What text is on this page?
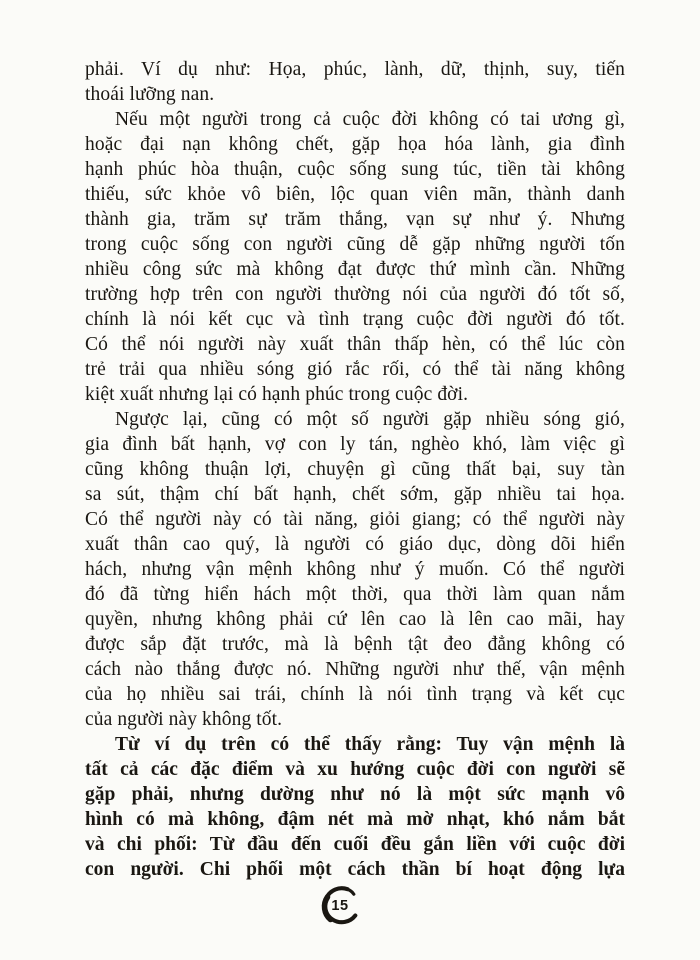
phải. Ví dụ như: Họa, phúc, lành, dữ, thịnh, suy, tiến
thoái lưỡng nan.
Nếu một người trong cả cuộc đời không có tai ương gì,
hoặc đại nạn không chết, gặp họa hóa lành, gia đình
hạnh phúc hòa thuận, cuộc sống sung túc, tiền tài không
thiếu, sức khỏe vô biên, lộc quan viên mãn, thành danh
thành gia, trăm sự trăm thắng, vạn sự như ý. Nhưng
trong cuộc sống con người cũng dễ gặp những người tốn
nhiều công sức mà không đạt được thứ mình cần. Những
trường hợp trên con người thường nói của người đó tốt số,
chính là nói kết cục và tình trạng cuộc đời người đó tốt.
Có thể nói người này xuất thân thấp hèn, có thể lúc còn
trẻ trải qua nhiều sóng gió rắc rối, có thể tài năng không
kiệt xuất nhưng lại có hạnh phúc trong cuộc đời.
Ngược lại, cũng có một số người gặp nhiều sóng gió,
gia đình bất hạnh, vợ con ly tán, nghèo khó, làm việc gì
cũng không thuận lợi, chuyện gì cũng thất bại, suy tàn
sa sút, thậm chí bất hạnh, chết sớm, gặp nhiều tai họa.
Có thể người này có tài năng, giỏi giang; có thể người này
xuất thân cao quý, là người có giáo dục, dòng dõi hiển
hách, nhưng vận mệnh không như ý muốn. Có thể người
đó đã từng hiển hách một thời, qua thời làm quan nắm
quyền, nhưng không phải cứ lên cao là lên cao mãi, hay
được sắp đặt trước, mà là bệnh tật đeo đẳng không có
cách nào thắng được nó. Những người như thế, vận mệnh
của họ nhiều sai trái, chính là nói tình trạng và kết cục
của người này không tốt.
Từ ví dụ trên có thể thấy rằng: Tuy vận mệnh là
tất cả các đặc điểm và xu hướng cuộc đời con người sẽ
gặp phải, nhưng dường như nó là một sức mạnh vô
hình có mà không, đậm nét mà mờ nhạt, khó nắm bắt
và chi phối: Từ đầu đến cuối đều gắn liền với cuộc đời
con người. Chi phối một cách thần bí hoạt động lựa
15
